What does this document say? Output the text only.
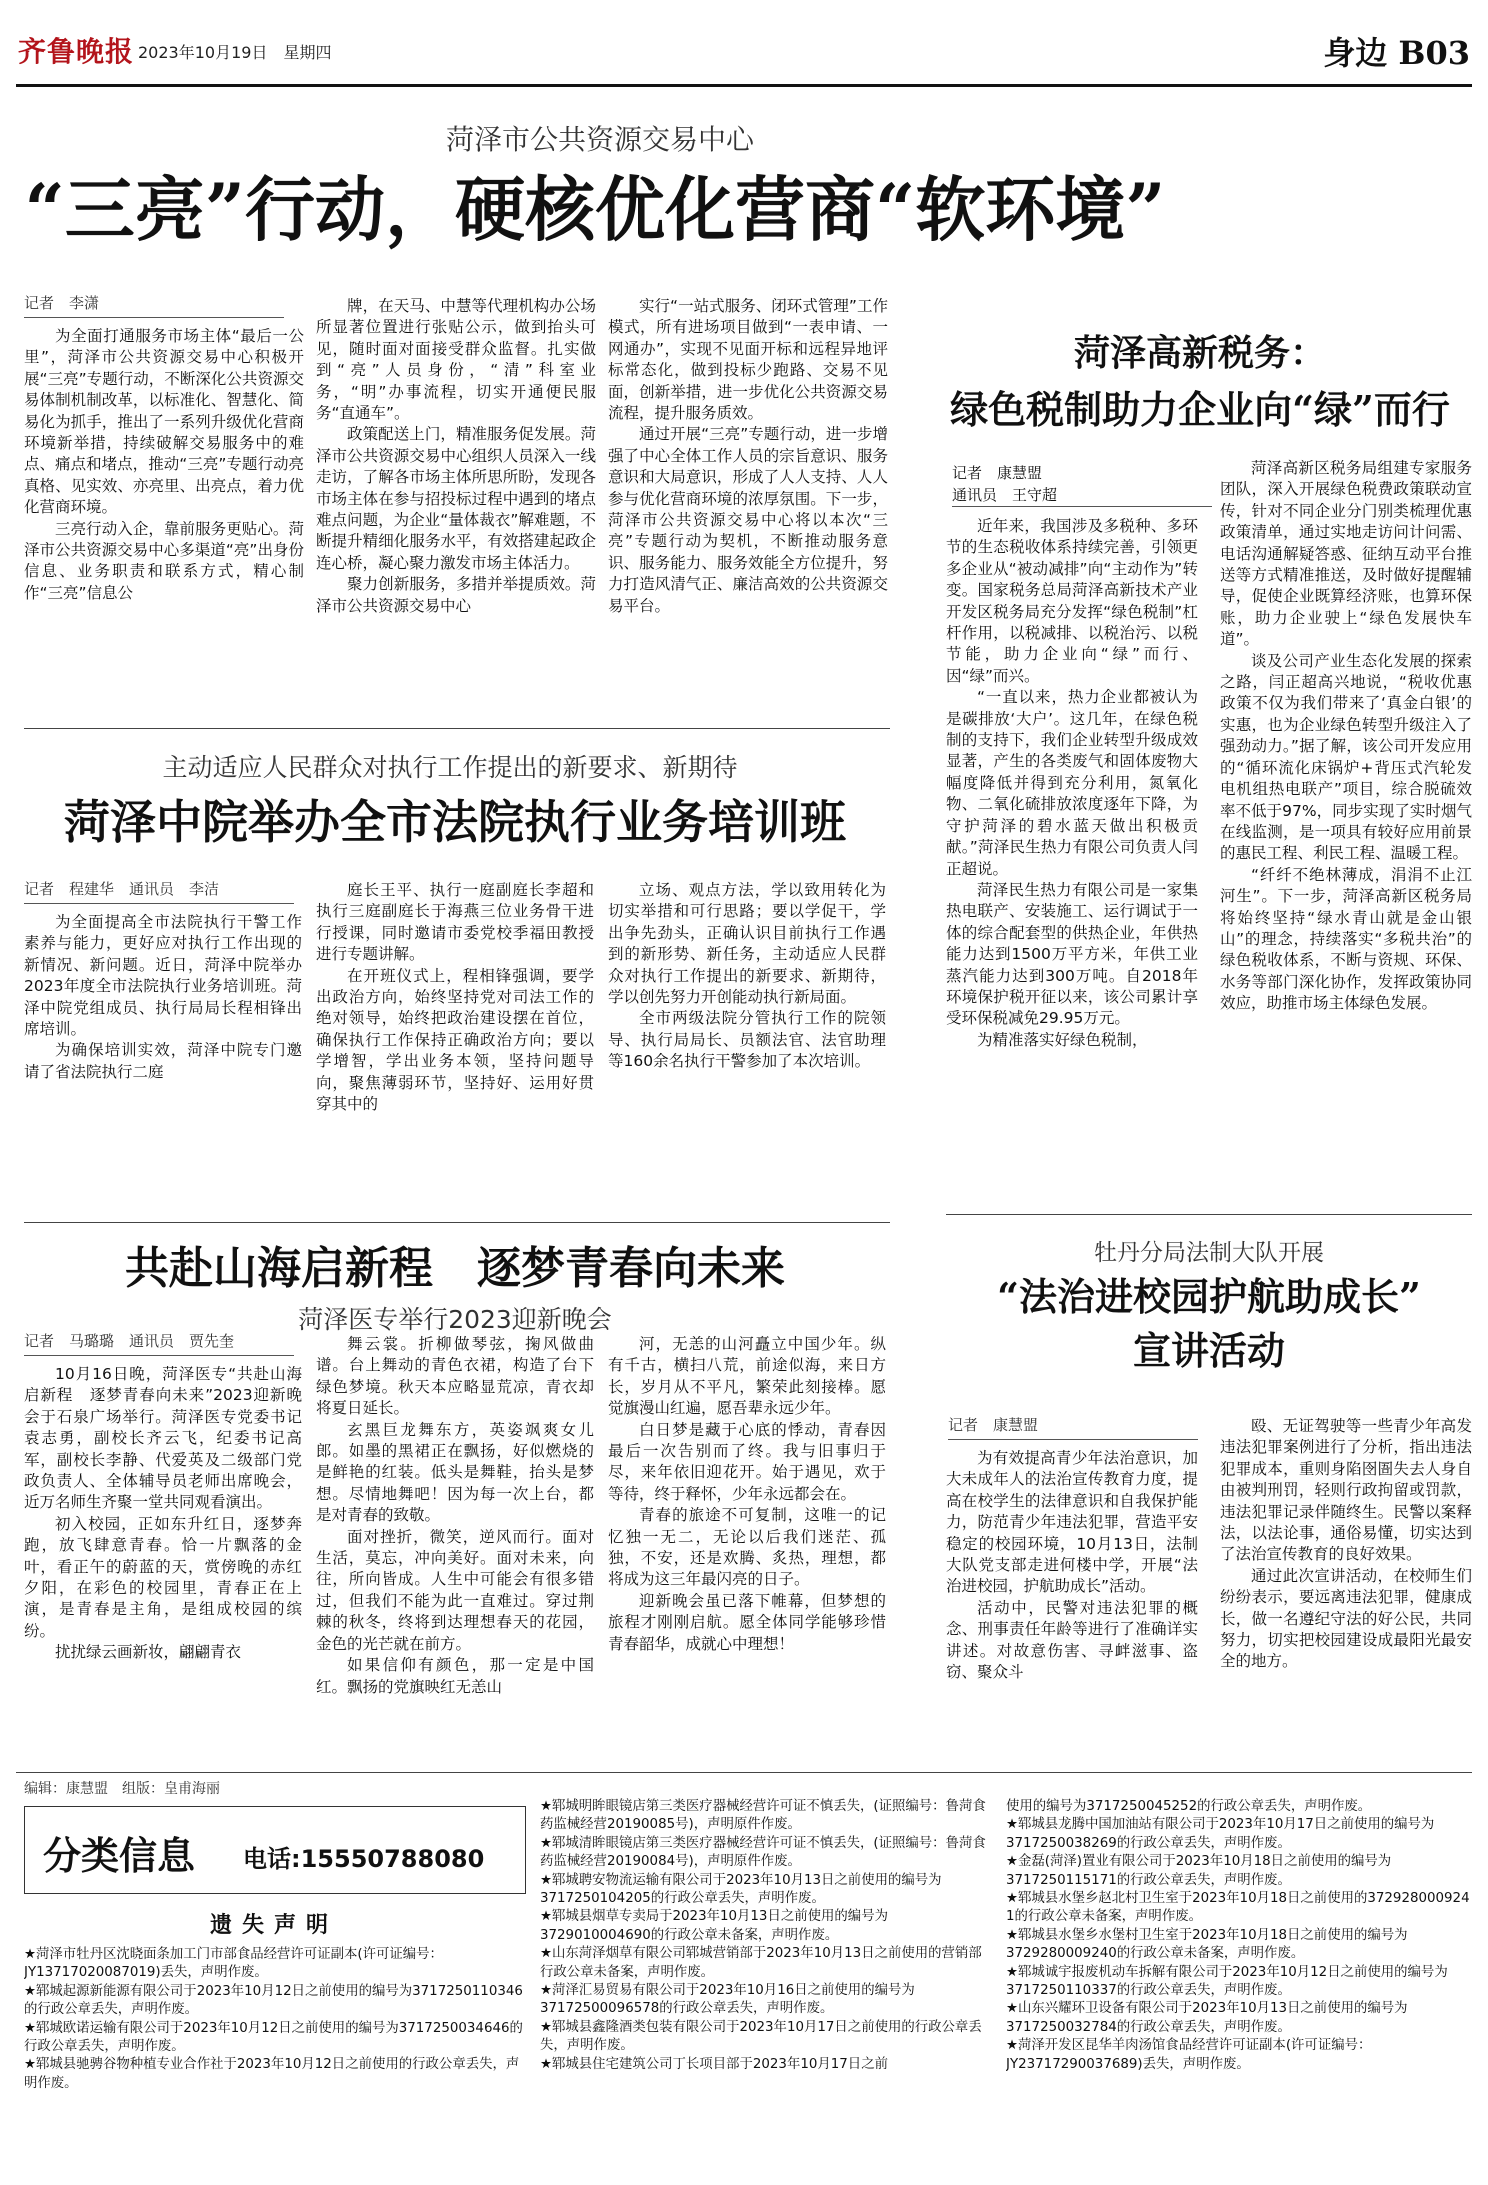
齐鲁晚报 2023年10月19日　 星期四	身边 B03
菏泽市公共资源交易中心
“三亮”行动，硬核优化营商“软环境”
记者　李潇

为全面打通服务市场主体“最后一公里”，菏泽市公共资源交易中心积极开展“三亮”专题行动，不断深化公共资源交易体制机制改革，以标准化、智慧化、简易化为抓手，推出了一系列升级优化营商环境新举措，持续破解交易服务中的难点、痛点和堵点，推动“三亮”专题行动亮真格、见实效、亦亮里、出亮点，着力优化营商环境。

三亮行动入企，靠前服务更贴心。菏泽市公共资源交易中心多渠道“亮”出身份信息、业务职责和联系方式，精心制作“三亮”信息公

牌，在天马、中慧等代理机构办公场所显著位置进行张贴公示，做到抬头可见，随时面对面接受群众监督。扎实做到“亮”人员身份，“清”科室业务，“明”办事流程，切实开通便民服务“直通车”。

政策配送上门，精准服务促发展。菏泽市公共资源交易中心组织人员深入一线走访，了解各市场主体所思所盼，发现各市场主体在参与招投标过程中遇到的堵点难点问题，为企业“量体裁衣”解难题，不断提升精细化服务水平，有效搭建起政企连心桥，凝心聚力激发市场主体活力。

聚力创新服务，多措并举提质效。菏泽市公共资源交易中心

实行“一站式服务、闭环式管理”工作模式，所有进场项目做到“一表申请、一网通办”，实现不见面开标和远程异地评标常态化，做到投标少跑路、交易不见面，创新举措，进一步优化公共资源交易流程，提升服务质效。

通过开展“三亮”专题行动，进一步增强了中心全体工作人员的宗旨意识、服务意识和大局意识，形成了人人支持、人人参与优化营商环境的浓厚氛围。下一步，菏泽市公共资源交易中心将以本次“三亮”专题行动为契机，不断推动服务意识、服务能力、服务效能全方位提升，努力打造风清气正、廉洁高效的公共资源交易平台。

菏泽高新税务：
绿色税制助力企业向“绿”而行
记者　康慧盟
通讯员　王守超

近年来，我国涉及多税种、多环节的生态税收体系持续完善，引领更多企业从“被动减排”向“主动作为”转变。国家税务总局菏泽高新技术产业开发区税务局充分发挥“绿色税制”杠杆作用，以税减排、以税治污、以税节能，助力企业向“绿”而行、因“绿”而兴。

“一直以来，热力企业都被认为是碳排放‘大户’。这几年，在绿色税制的支持下，我们企业转型升级成效显著，产生的各类废气和固体废物大幅度降低并得到充分利用，氮氧化物、二氧化硫排放浓度逐年下降，为守护菏泽的碧水蓝天做出积极贡献。”菏泽民生热力有限公司负责人闫正超说。

菏泽民生热力有限公司是一家集热电联产、安装施工、运行调试于一体的综合配套型的供热企业，年供热能力达到1500万平方米，年供工业蒸汽能力达到300万吨。自2018年环境保护税开征以来，该公司累计享受环保税减免29.95万元。

为精准落实好绿色税制，

菏泽高新区税务局组建专家服务团队，深入开展绿色税费政策联动宣传，针对不同企业分门别类梳理优惠政策清单，通过实地走访问计问需、电话沟通解疑答惑、征纳互动平台推送等方式精准推送，及时做好提醒辅导，促使企业既算经济账，也算环保账，助力企业驶上“绿色发展快车道”。

谈及公司产业生态化发展的探索之路，闫正超高兴地说，“税收优惠政策不仅为我们带来了‘真金白银’的实惠，也为企业绿色转型升级注入了强劲动力。”据了解，该公司开发应用的“循环流化床锅炉+背压式汽轮发电机组热电联产”项目，综合脱硫效率不低于97%，同步实现了实时烟气在线监测，是一项具有较好应用前景的惠民工程、利民工程、温暖工程。

“纤纤不绝林薄成，涓涓不止江河生”。下一步，菏泽高新区税务局将始终坚持“绿水青山就是金山银山”的理念，持续落实“多税共治”的绿色税收体系，不断与资规、环保、水务等部门深化协作，发挥政策协同效应，助推市场主体绿色发展。

主动适应人民群众对执行工作提出的新要求、新期待
菏泽中院举办全市法院执行业务培训班
记者　程建华　通讯员　李洁

为全面提高全市法院执行干警工作素养与能力，更好应对执行工作出现的新情况、新问题。近日，菏泽中院举办2023年度全市法院执行业务培训班。菏泽中院党组成员、执行局局长程相锋出席培训。

为确保培训实效，菏泽中院专门邀请了省法院执行二庭

庭长王平、执行一庭副庭长李超和执行三庭副庭长于海燕三位业务骨干进行授课，同时邀请市委党校季福田教授进行专题讲解。

在开班仪式上，程相锋强调，要学出政治方向，始终坚持党对司法工作的绝对领导，始终把政治建设摆在首位，确保执行工作保持正确政治方向；要以学增智，学出业务本领，坚持问题导向，聚焦薄弱环节，坚持好、运用好贯穿其中的

立场、观点方法，学以致用转化为切实举措和可行思路；要以学促干，学出争先劲头，正确认识目前执行工作遇到的新形势、新任务，主动适应人民群众对执行工作提出的新要求、新期待，学以创先努力开创能动执行新局面。

全市两级法院分管执行工作的院领导、执行局局长、员额法官、法官助理等160余名执行干警参加了本次培训。

共赴山海启新程　逐梦青春向未来
菏泽医专举行2023迎新晚会
记者　马璐璐　通讯员　贾先奎

10月16日晚，菏泽医专“共赴山海启新程　逐梦青春向未来”2023迎新晚会于石泉广场举行。菏泽医专党委书记袁志勇，副校长齐云飞，纪委书记高军，副校长李静、代爱英及二级部门党政负责人、全体辅导员老师出席晚会，近万名师生齐聚一堂共同观看演出。

初入校园，正如东升红日，逐梦奔跑，放飞肆意青春。恰一片飘落的金叶，看正午的蔚蓝的天，赏傍晚的赤红夕阳，在彩色的校园里，青春正在上演，是青春是主角，是组成校园的缤纷。

扰扰绿云画新妆，翩翩青衣

舞云裳。折柳做琴弦，掬风做曲谱。台上舞动的青色衣裙，构造了台下绿色梦境。秋天本应略显荒凉，青衣却将夏日延长。

玄黑巨龙舞东方，英姿飒爽女儿郎。如墨的黑裙正在飘扬，好似燃烧的是鲜艳的红装。低头是舞鞋，抬头是梦想。尽情地舞吧！因为每一次上台，都是对青春的致敬。

面对挫折，微笑，逆风而行。面对生活，莫忘，冲向美好。面对未来，向往，所向皆成。人生中可能会有很多错过，但我们不能为此一直难过。穿过荆棘的秋冬，终将到达理想春天的花园，金色的光芒就在前方。

如果信仰有颜色，那一定是中国红。飘扬的党旗映红无恙山

河，无恙的山河矗立中国少年。纵有千古，横扫八荒，前途似海，来日方长，岁月从不平凡，繁荣此刻接棒。愿觉旗漫山红遍，愿吾辈永远少年。

白日梦是藏于心底的悸动，青春因最后一次告别而了终。我与旧事归于尽，来年依旧迎花开。始于遇见，欢于等待，终于释怀，少年永远都会在。

青春的旅途不可复制，这唯一的记忆独一无二，无论以后我们迷茫、孤独，不安，还是欢腾、炙热，理想，都将成为这三年最闪亮的日子。

迎新晚会虽已落下帷幕，但梦想的旅程才刚刚启航。愿全体同学能够珍惜青春韶华，成就心中理想！

牡丹分局法制大队开展
“法治进校园护航助成长”
宣讲活动
记者　康慧盟

为有效提高青少年法治意识，加大未成年人的法治宣传教育力度，提高在校学生的法律意识和自我保护能力，防范青少年违法犯罪，营造平安稳定的校园环境，10月13日，法制大队党支部走进何楼中学，开展“法治进校园，护航助成长”活动。

活动中，民警对违法犯罪的概念、刑事责任年龄等进行了准确详实讲述。对故意伤害、寻衅滋事、盗窃、聚众斗

殴、无证驾驶等一些青少年高发违法犯罪案例进行了分析，指出违法犯罪成本，重则身陷囹圄失去人身自由被判刑罚，轻则行政拘留或罚款，违法犯罪记录伴随终生。民警以案释法，以法论事，通俗易懂，切实达到了法治宣传教育的良好效果。

通过此次宣讲活动，在校师生们纷纷表示，要远离违法犯罪，健康成长，做一名遵纪守法的好公民，共同努力，切实把校园建设成最阳光最安全的地方。

编辑：康慧盟　组版：皇甫海丽
分类信息 电话:15550788080
遗失声明

★菏泽市牡丹区沈晓面条加工门市部食品经营许可证副本(许可证编号：JY13717020087019)丢失，声明作废。

★郓城起源新能源有限公司于2023年10月12日之前使用的编号为371725011034​6的行政公章丢失，声明作废。

★郓城欧诺运输有限公司于2023年10月12日之前使用的编号为371725003464​6的行政公章丢失，声明作废。

★郓城县驰骋谷物种植专业合作社于2023年10月12日之前使用的行政公章丢失，声明作废。

★郓城明眸眼镜店第三类医疗器械经营许可证不慎丢失，(证照编号：鲁菏食药监械经营20190085号)，声明原件作废。

★郓城清眸眼镜店第三类医疗器械经营许可证不慎丢失，(证照编号：鲁菏食药监械经营20190084号)，声明原件作废。

★郓城聘安物流运输有限公司于2023年10月13日之前使用的编号为371725010420​5的行政公章丢失，声明作废。

★郓城县烟草专卖局于2023年10月13日之前使用的编号为372901000469​0的行政公章未备案，声明作废。

★山东菏泽烟草有限公司郓城营销部于2023年10月13日之前使用的营销部行政公章未备案，声明作废。

★菏泽汇易贸易有限公司于2023年10月16日之前使用的编号为371725000965​78的行政公章丢失，声明作废。

★郓城县鑫隆酒类包装有限公司于2023年10月17日之前使用的行政公章丢失，声明作废。

★郓城县住宅建筑公司丁长项目部于2023年10月17日之前

使用的编号为371725004525​2的行政公章丢失，声明作废。

★郓城县龙腾中国加油站有限公司于2023年10月17日之前使用的编号为371725003826​9的行政公章丢失，声明作废。

★金磊(菏泽)置业有限公司于2023年10月18日之前使用的编号为371725011517​1的行政公章丢失，声明作废。

★郓城县水堡乡赵北村卫生室于2023年10月18日之前使用的372928000924​1的行政公章未备案，声明作废。

★郓城县水堡乡水堡村卫生室于2023年10月18日之前使用的编号为372928000924​0的行政公章未备案，声明作废。

★郓城诚宇报废机动车拆解有限公司于2023年10月12日之前使用的编号为371725011033​7的行政公章丢失，声明作废。

★山东兴耀环卫设备有限公司于2023年10月13日之前使用的编号为371725003278​4的行政公章丢失，声明作废。

★菏泽开发区昆华羊肉汤馆食品经营许可证副本(许可证编号：JY23717290037689)丢失，声明作废。
